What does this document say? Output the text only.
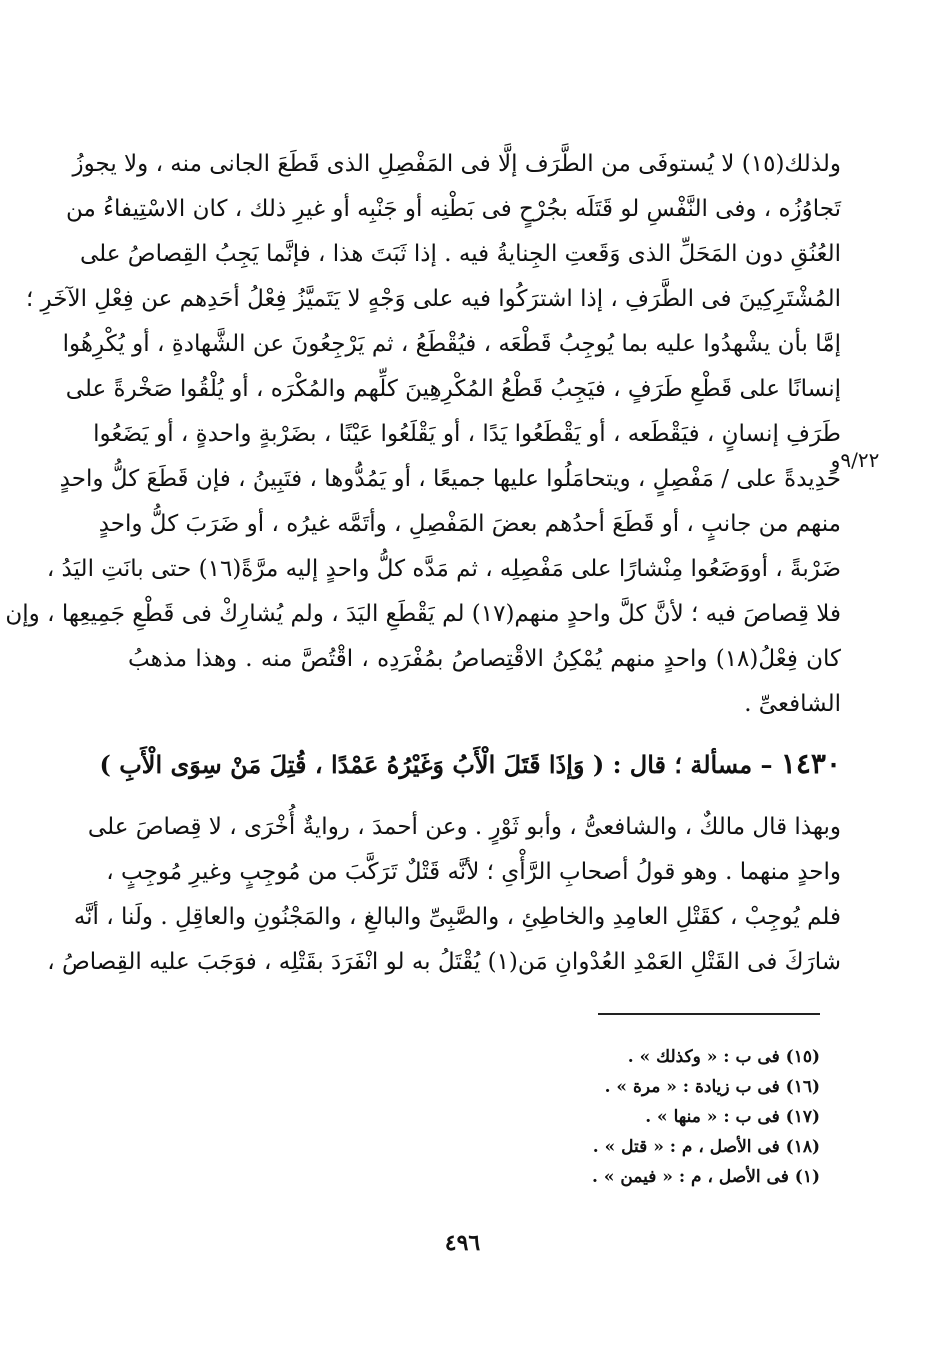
٩/٢٢و
ولذلك(١٥) لا يُستوفَى من الطَّرَف إلَّا فى المَفْصِلِ الذى قَطَعَ الجانى منه ، ولا يجوزُ
تَجاوُزُه ، وفى النَّفْسِ لو قَتَلَه بجُرْحٍ فى بَطْنِه أو جَنْبِه أو غيرِ ذلك ، كان الاسْتِيفاءُ من
العُنُقِ دون المَحَلِّ الذى وَقَعتِ الجِنايةُ فيه . إذا ثَبَتَ هذا ، فإنَّما يَجِبُ القِصاصُ على
المُشْتَرِكِينَ فى الطَّرَفِ ، إذا اشترَكُوا فيه على وَجْهٍ لا يَتَميَّزُ فِعْلُ أحَدِهم عن فِعْلِ الآخَرِ ؛
إمَّا بأن يشْهدُوا عليه بما يُوجِبُ قَطْعَه ، فيُقْطَعُ ، ثم يَرْجِعُونَ عن الشَّهادةِ ، أو يُكْرِهُوا
إنسانًا على قَطْعِ طَرَفٍ ، فيَجِبُ قَطْعُ المُكْرِهِينَ كلِّهم والمُكْرَه ، أو يُلْقُوا صَخْرةً على
طَرَفِ إنسانٍ ، فيَقْطَعه ، أو يَقْطَعُوا يَدًا ، أو يَقْلَعُوا عَيْنًا ، بضَرْبةٍ واحدةٍ ، أو يَضَعُوا
حَدِيدةً على / مَفْصِلٍ ، ويتحامَلُوا عليها جميعًا ، أو يَمُدُّوها ، فتَبِينُ ، فإن قَطَعَ كلُّ واحدٍ
منهم من جانبٍ ، أو قَطَعَ أحدُهم بعضَ المَفْصِلِ ، وأتَمَّه غيرُه ، أو ضَرَبَ كلُّ واحدٍ
ضَرْبةً ، أووَضَعُوا مِنْشارًا على مَفْصِلِه ، ثم مَدَّه كلُّ واحدٍ إليه مرَّةً(١٦) حتى بانَتِ اليَدُ ،
فلا قِصاصَ فيه ؛ لأنَّ كلَّ واحدٍ منهم(١٧) لم يَقْطَعِ اليَدَ ، ولم يُشارِكْ فى قَطْعِ جَمِيعِها ، وإن
كان فِعْلُ(١٨) واحدٍ منهم يُمْكِنُ الاقْتِصاصُ بمُفْرَدِه ، اقْتُصَّ منه . وهذا مذهبُ
الشافعىِّ .
١٤٣٠ – مسألة ؛ قال : ( وَإذَا قَتَلَ الْأَبُ وَغَيْرُهُ عَمْدًا ، قُتِلَ مَنْ سِوَى الْأَبِ )
وبهذا قال مالكٌ ، والشافعىُّ ، وأبو ثَوْرٍ . وعن أحمدَ ، روايةٌ أُخْرَى ، لا قِصاصَ على
واحدٍ منهما . وهو قولُ أصحابِ الرَّأْىِ ؛ لأنَّه قَتْلٌ تَرَكَّبَ من مُوجِبٍ وغيرِ مُوجِبٍ ،
فلم يُوجِبْ ، كقَتْلِ العامِدِ والخاطِئِ ، والصَّبِىِّ والبالغِ ، والمَجْنُونِ والعاقِلِ . ولَنا ، أنَّه
شارَكَ فى القَتْلِ العَمْدِ العُدْوانِ مَن(١) يُقْتَلُ به لو انْفَرَدَ بقَتْلِه ، فوَجَبَ عليه القِصاصُ ،
(١٥) فى ب : « وكذلك » .
(١٦) فى ب زيادة : « مرة » .
(١٧) فى ب : « منها » .
(١٨) فى الأصل ، م : « قتل » .
(١) فى الأصل ، م : « فيمن » .
٤٩٦
